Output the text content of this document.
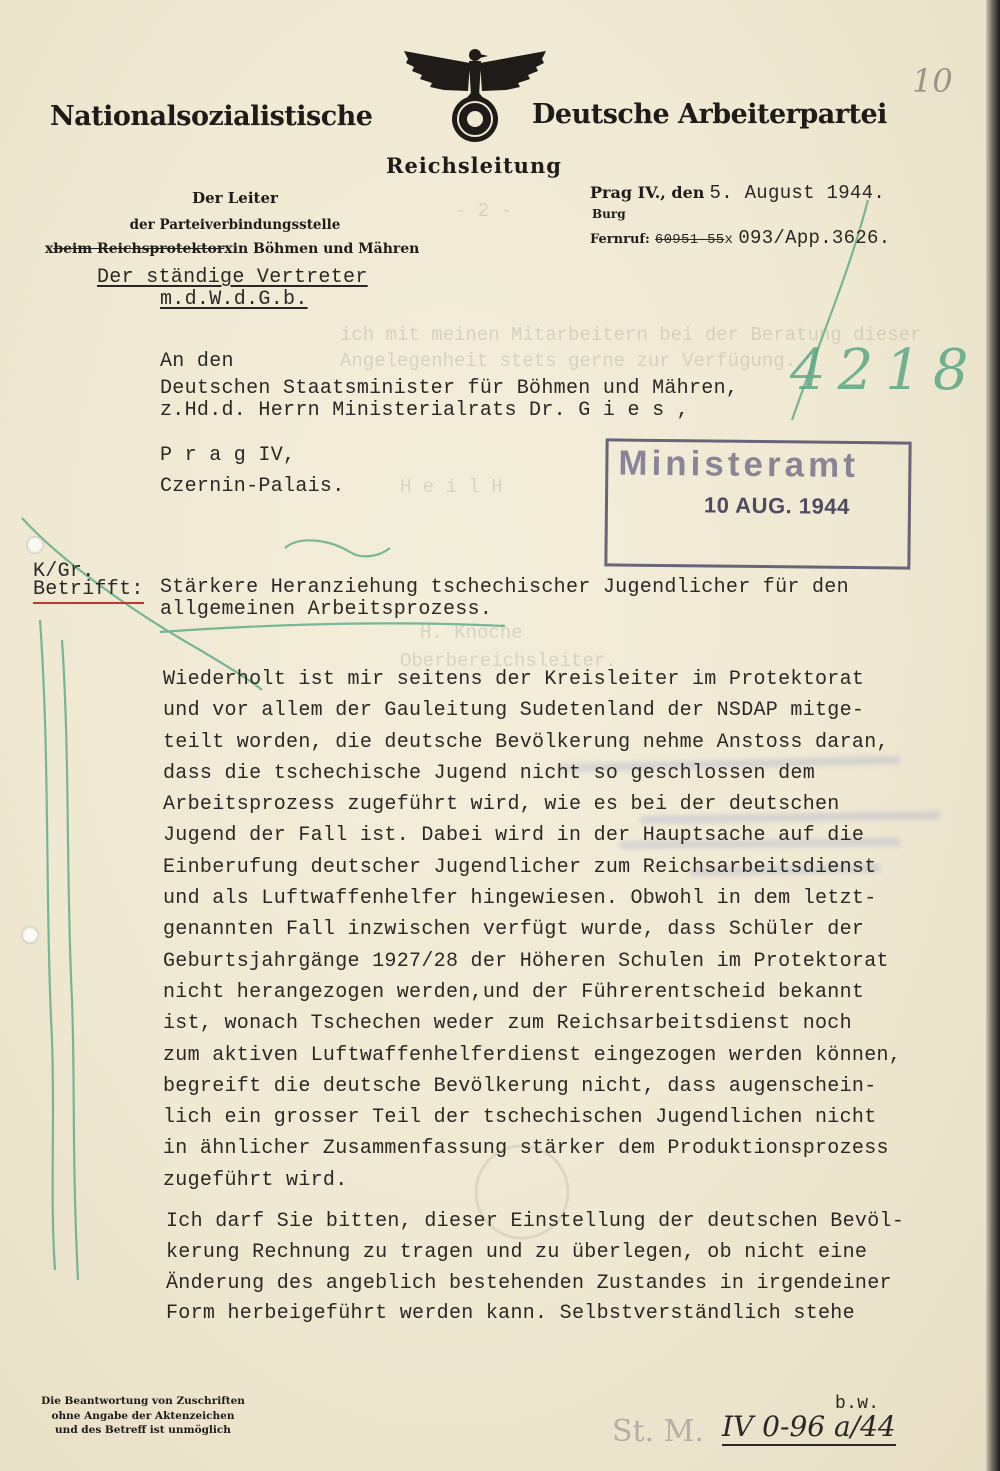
- 2 -
ich mit meinen Mitarbeitern bei der Beratung dieser
Angelegenheit stets gerne zur Verfügung.
H e i l H
H. Knoche
Oberbereichsleiter.
Nationalsozialistische	Deutsche Arbeiterpartei
Reichsleitung
Der Leiter
der Parteiverbindungsstelle
xbeim Reichsprotektorxin Böhmen und Mähren
Der ständige Vertreter
m.d.W.d.G.b.
Prag IV., den 5. August 1944.
Burg
Fernruf: 60951-55x 093/App.3626.
10
An den
Deutschen Staatsminister für Böhmen und Mähren,
z.Hd.d. Herrn Ministerialrats Dr. G i e s ,
P r a g IV,
Czernin-Palais.
4218
Ministeramt
10 AUG. 1944
K/Gr.
Betrifft: Stärkere Heranziehung tschechischer Jugendlicher für den
allgemeinen Arbeitsprozess.
Wiederholt ist mir seitens der Kreisleiter im Protektorat
und vor allem der Gauleitung Sudetenland der NSDAP mitge-
teilt worden, die deutsche Bevölkerung nehme Anstoss daran,
dass die tschechische Jugend nicht so geschlossen dem
Arbeitsprozess zugeführt wird, wie es bei der deutschen
Jugend der Fall ist. Dabei wird in der Hauptsache auf die
Einberufung deutscher Jugendlicher zum Reichsarbeitsdienst
und als Luftwaffenhelfer hingewiesen. Obwohl in dem letzt-
genannten Fall inzwischen verfügt wurde, dass Schüler der
Geburtsjahrgänge 1927/28 der Höheren Schulen im Protektorat
nicht herangezogen werden,und der Führerentscheid bekannt
ist, wonach Tschechen weder zum Reichsarbeitsdienst noch
zum aktiven Luftwaffenhelferdienst eingezogen werden können,
begreift die deutsche Bevölkerung nicht, dass augenschein-
lich ein grosser Teil der tschechischen Jugendlichen nicht
in ähnlicher Zusammenfassung stärker dem Produktionsprozess
zugeführt wird.
Ich darf Sie bitten, dieser Einstellung der deutschen Bevöl-
kerung Rechnung zu tragen und zu überlegen, ob nicht eine
Änderung des angeblich bestehenden Zustandes in irgendeiner
Form herbeigeführt werden kann. Selbstverständlich stehe
Die Beantwortung von Zuschriften
ohne Angabe der Aktenzeichen
und des Betreff ist unmöglich
b.w.
St. M. IV 0-96 a/44
